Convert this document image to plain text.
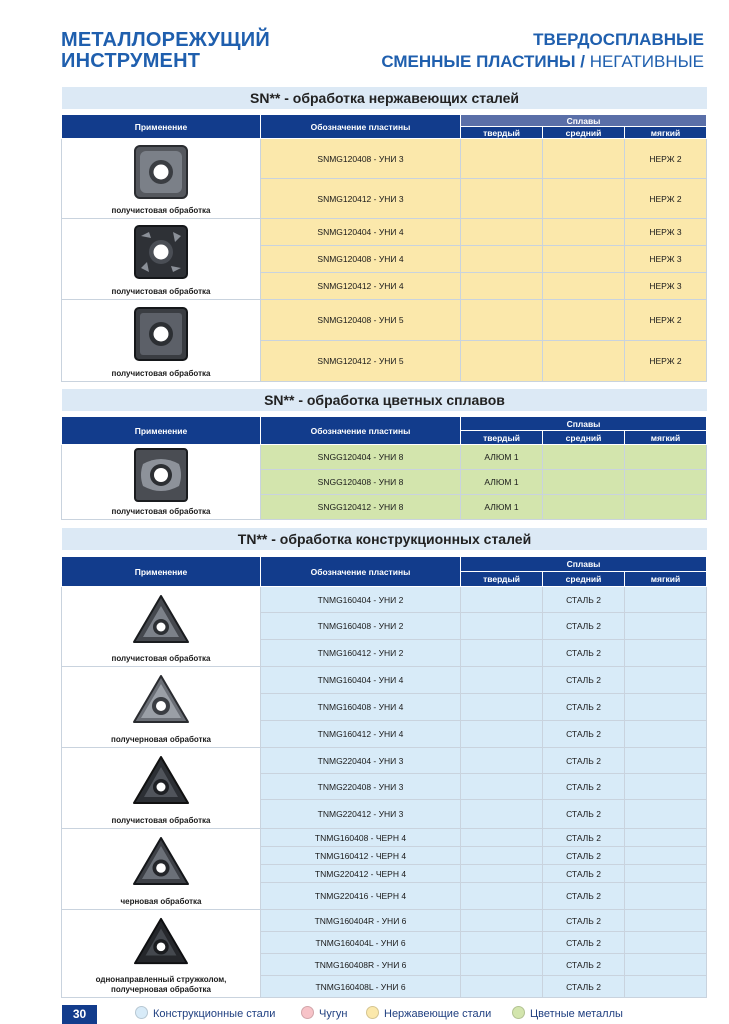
МЕТАЛЛОРЕЖУЩИЙ
ИНСТРУМЕНТ
ТВЕРДОСПЛАВНЫЕ
СМЕННЫЕ ПЛАСТИНЫ / НЕГАТИВНЫЕ
SN** - обработка нержавеющих сталей
Применение	Обозначение пластины	Сплавы			
		твердый	средний	мягкий	

получистовая обработка	SNMG120408 - УНИ 3			НЕРЖ 2	
	SNMG120412 - УНИ 3			НЕРЖ 2	

получистовая обработка	SNMG120404 - УНИ 4			НЕРЖ 3	
	SNMG120408 - УНИ 4			НЕРЖ 3	
	SNMG120412 - УНИ 4			НЕРЖ 3	

получистовая обработка	SNMG120408 - УНИ 5			НЕРЖ 2	
	SNMG120412 - УНИ 5			НЕРЖ 2	
SN** - обработка цветных сплавов
Применение	Обозначение пластины	Сплавы			
		твердый	средний	мягкий	

получистовая обработка	SNGG120404 - УНИ 8	АЛЮМ 1			
	SNGG120408 - УНИ 8	АЛЮМ 1			
	SNGG120412 - УНИ 8	АЛЮМ 1			
TN** - обработка конструкционных сталей
Применение	Обозначение пластины	Сплавы			
		твердый	средний	мягкий	

получистовая обработка	TNMG160404 - УНИ 2		СТАЛЬ 2		
	TNMG160408 - УНИ 2		СТАЛЬ 2		
	TNMG160412 - УНИ 2		СТАЛЬ 2		

получерновая обработка	TNMG160404 - УНИ 4		СТАЛЬ 2		
	TNMG160408 - УНИ 4		СТАЛЬ 2		
	TNMG160412 - УНИ 4		СТАЛЬ 2		

получистовая обработка	TNMG220404 - УНИ 3		СТАЛЬ 2		
	TNMG220408 - УНИ 3		СТАЛЬ 2		
	TNMG220412 - УНИ 3		СТАЛЬ 2		

черновая обработка	TNMG160408 - ЧЕРН 4		СТАЛЬ 2		
	TNMG160412 - ЧЕРН 4		СТАЛЬ 2		
	TNMG220412 - ЧЕРН 4		СТАЛЬ 2		
	TNMG220416 - ЧЕРН 4		СТАЛЬ 2		

однонаправленный стружколом, получерновая обработка	TNMG160404R - УНИ 6		СТАЛЬ 2		
	TNMG160404L - УНИ 6		СТАЛЬ 2		
	TNMG160408R - УНИ 6		СТАЛЬ 2		
	TNMG160408L - УНИ 6		СТАЛЬ 2		
30	Конструкционные стали	Чугун	Нержавеющие стали	Цветные металлы
